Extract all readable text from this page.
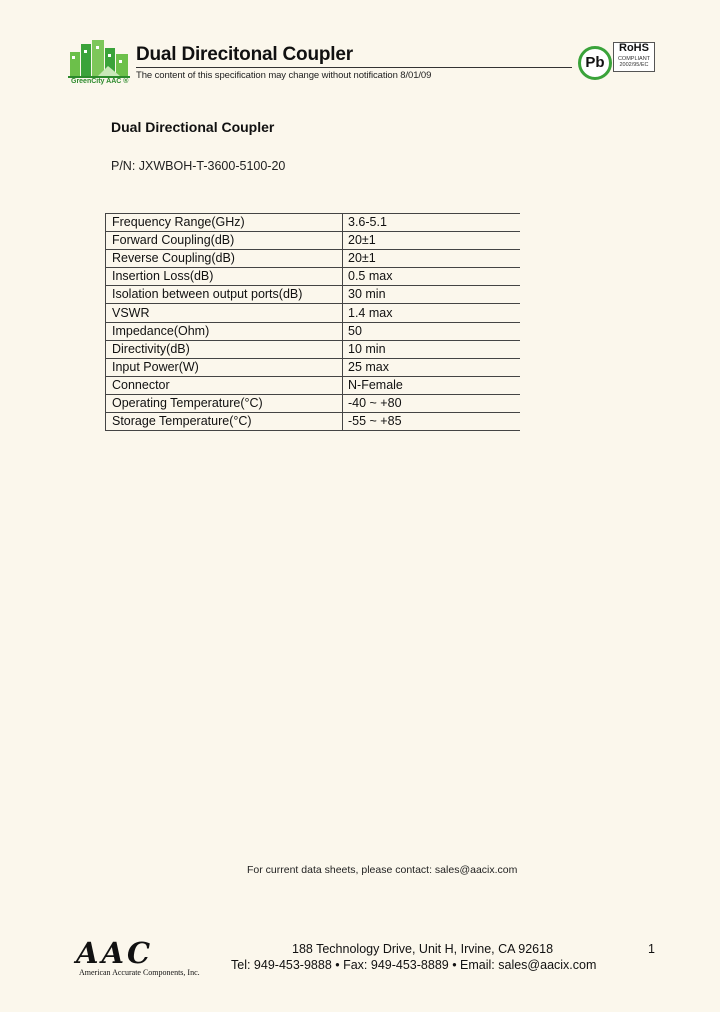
GreenCity AAC ®
Dual Direcitonal Coupler
The content of this specification may change without notification 8/01/09
Pb
RoHS
COMPLIANT
2002/95/EC
Dual Directional Coupler
P/N: JXWBOH-T-3600-5100-20
Frequency Range(GHz)	3.6-5.1
Forward Coupling(dB)	20±1
Reverse Coupling(dB)	20±1
Insertion Loss(dB)	0.5 max
Isolation between output ports(dB)	30 min
VSWR	1.4 max
Impedance(Ohm)	50
Directivity(dB)	10 min
Input Power(W)	25 max
Connector	N-Female
Operating Temperature(°C)	-40 ~ +80
Storage Temperature(°C)	-55 ~ +85
For current data sheets, please contact: sales@aacix.com
AAC
American Accurate Components, Inc.
188 Technology Drive, Unit H, Irvine, CA 92618
Tel: 949-453-9888 • Fax: 949-453-8889 • Email: sales@aacix.com
1
